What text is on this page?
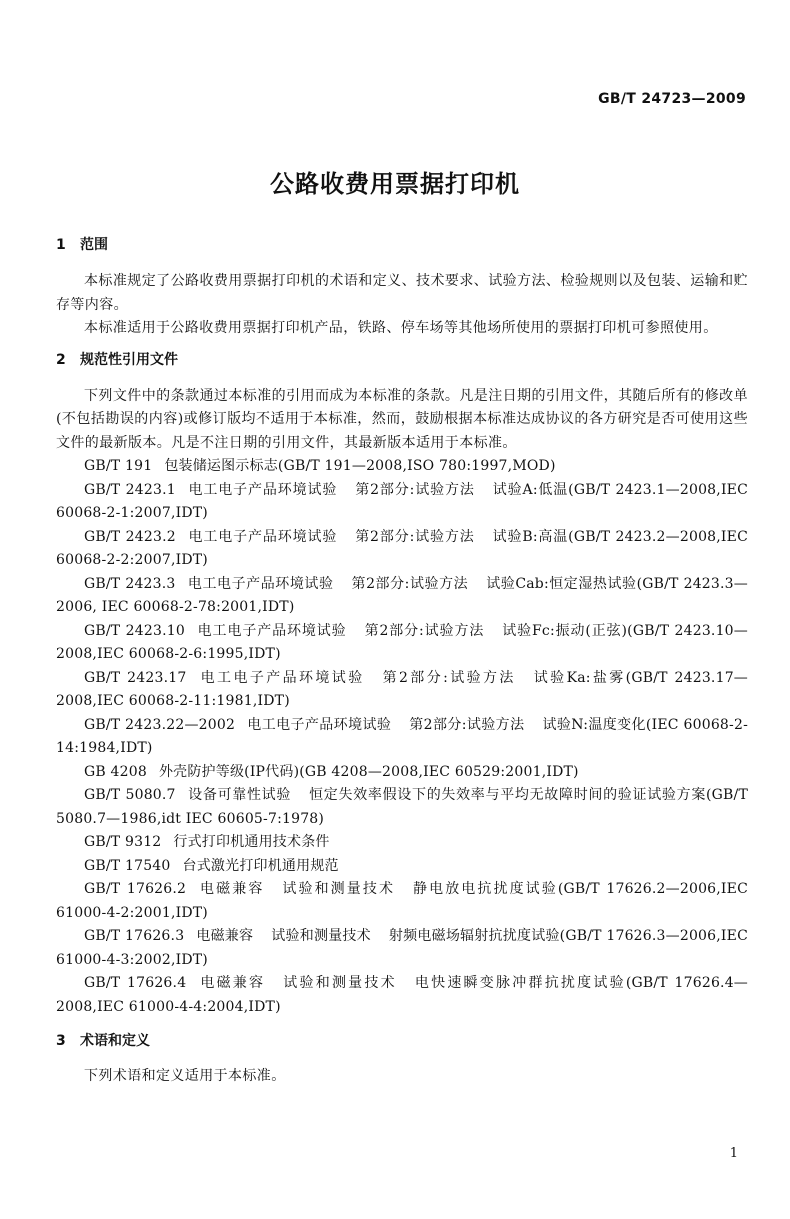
GB/T 24723—2009
公路收费用票据打印机
1 范围
本标准规定了公路收费用票据打印机的术语和定义、技术要求、试验方法、检验规则以及包装、运输和贮存等内容。
本标准适用于公路收费用票据打印机产品，铁路、停车场等其他场所使用的票据打印机可参照使用。
2 规范性引用文件
下列文件中的条款通过本标准的引用而成为本标准的条款。凡是注日期的引用文件，其随后所有的修改单(不包括勘误的内容)或修订版均不适用于本标准，然而，鼓励根据本标准达成协议的各方研究是否可使用这些文件的最新版本。凡是不注日期的引用文件，其最新版本适用于本标准。
GB/T 191 包装储运图示标志(GB/T 191—2008,ISO 780:1997,MOD)
GB/T 2423.1 电工电子产品环境试验 第2部分:试验方法 试验A:低温(GB/T 2423.1—2008,IEC 60068-2-1:2007,IDT)
GB/T 2423.2 电工电子产品环境试验 第2部分:试验方法 试验B:高温(GB/T 2423.2—2008,IEC 60068-2-2:2007,IDT)
GB/T 2423.3 电工电子产品环境试验 第2部分:试验方法 试验Cab:恒定湿热试验(GB/T 2423.3—2006, IEC 60068-2-78:2001,IDT)
GB/T 2423.10 电工电子产品环境试验 第2部分:试验方法 试验Fc:振动(正弦)(GB/T 2423.10—2008,IEC 60068-2-6:1995,IDT)
GB/T 2423.17 电工电子产品环境试验 第2部分:试验方法 试验Ka:盐雾(GB/T 2423.17—2008,IEC 60068-2-11:1981,IDT)
GB/T 2423.22—2002 电工电子产品环境试验 第2部分:试验方法 试验N:温度变化(IEC 60068-2-14:1984,IDT)
GB 4208 外壳防护等级(IP代码)(GB 4208—2008,IEC 60529:2001,IDT)
GB/T 5080.7 设备可靠性试验 恒定失效率假设下的失效率与平均无故障时间的验证试验方案(GB/T 5080.7—1986,idt IEC 60605-7:1978)
GB/T 9312 行式打印机通用技术条件
GB/T 17540 台式激光打印机通用规范
GB/T 17626.2 电磁兼容 试验和测量技术 静电放电抗扰度试验(GB/T 17626.2—2006,IEC 61000-4-2:2001,IDT)
GB/T 17626.3 电磁兼容 试验和测量技术 射频电磁场辐射抗扰度试验(GB/T 17626.3—2006,IEC 61000-4-3:2002,IDT)
GB/T 17626.4 电磁兼容 试验和测量技术 电快速瞬变脉冲群抗扰度试验(GB/T 17626.4—2008,IEC 61000-4-4:2004,IDT)
3 术语和定义
下列术语和定义适用于本标准。
1
